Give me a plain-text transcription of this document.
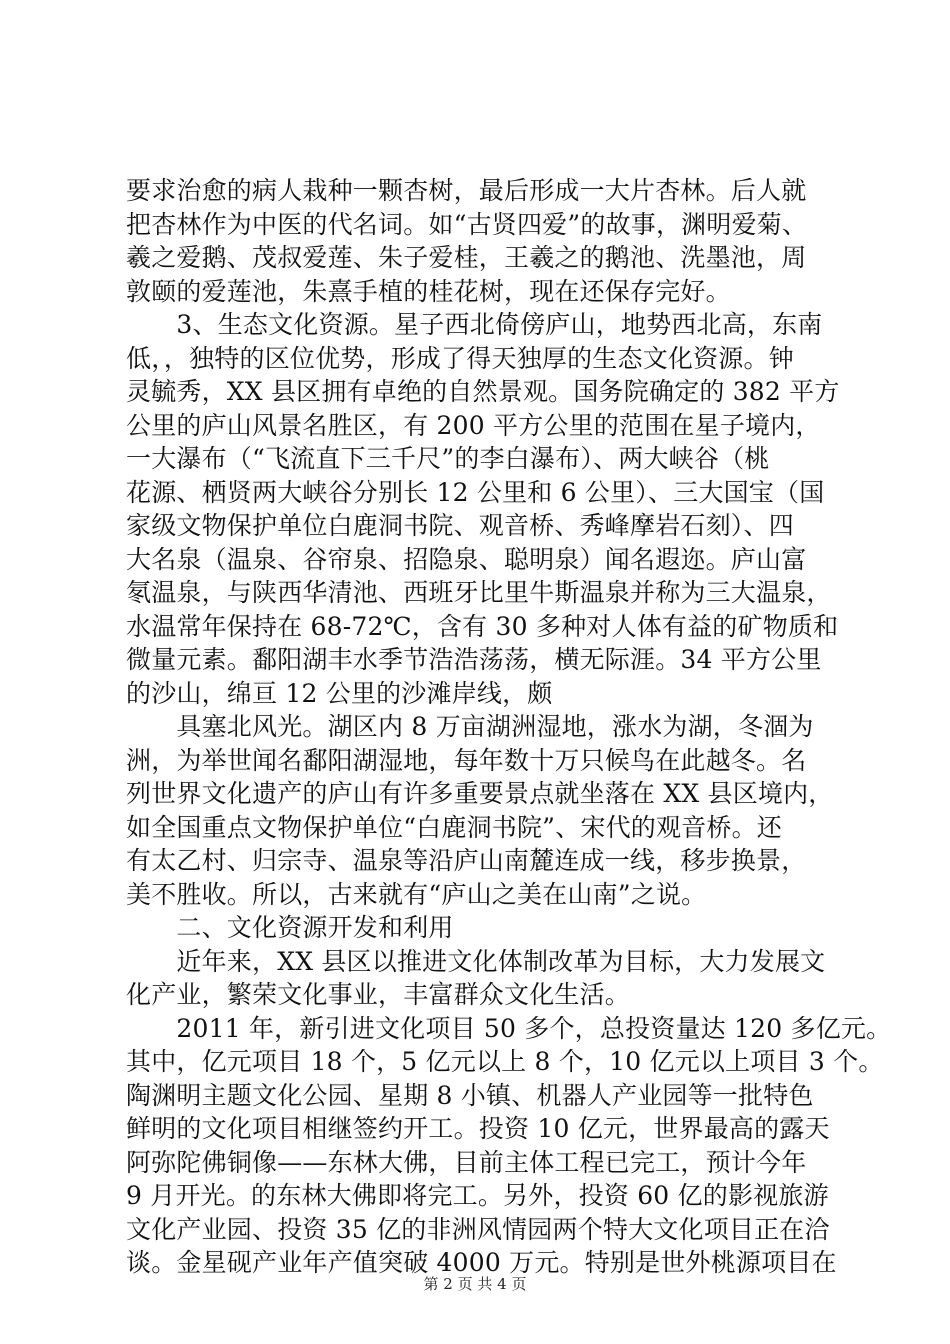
要求治愈的病人栽种一颗杏树，最后形成一大片杏林。后人就
把杏林作为中医的代名词。如“古贤四爱”的故事，渊明爱菊、
羲之爱鹅、茂叔爱莲、朱子爱桂，王羲之的鹅池、洗墨池，周
敦颐的爱莲池，朱熹手植的桂花树，现在还保存完好。
　　3、生态文化资源。星子西北倚傍庐山，地势西北高，东南
低，，独特的区位优势，形成了得天独厚的生态文化资源。钟
灵毓秀，XX 县区拥有卓绝的自然景观。国务院确定的 382 平方
公里的庐山风景名胜区，有 200 平方公里的范围在星子境内，
一大瀑布（“飞流直下三千尺”的李白瀑布）、两大峡谷（桃
花源、栖贤两大峡谷分别长 12 公里和 6 公里）、三大国宝（国
家级文物保护单位白鹿洞书院、观音桥、秀峰摩岩石刻）、四
大名泉（温泉、谷帘泉、招隐泉、聪明泉）闻名遐迩。庐山富
氡温泉，与陕西华清池、西班牙比里牛斯温泉并称为三大温泉，
水温常年保持在 68-72℃，含有 30 多种对人体有益的矿物质和
微量元素。鄱阳湖丰水季节浩浩荡荡，横无际涯。34 平方公里
的沙山，绵亘 12 公里的沙滩岸线，颇
　　具塞北风光。湖区内 8 万亩湖洲湿地，涨水为湖，冬涸为
洲，为举世闻名鄱阳湖湿地，每年数十万只候鸟在此越冬。名
列世界文化遗产的庐山有许多重要景点就坐落在 XX 县区境内，
如全国重点文物保护单位“白鹿洞书院”、宋代的观音桥。还
有太乙村、归宗寺、温泉等沿庐山南麓连成一线，移步换景，
美不胜收。所以，古来就有“庐山之美在山南”之说。
　　二、文化资源开发和利用
　　近年来，XX 县区以推进文化体制改革为目标，大力发展文
化产业，繁荣文化事业，丰富群众文化生活。
　　2011 年，新引进文化项目 50 多个，总投资量达 120 多亿元。
其中，亿元项目 18 个，5 亿元以上 8 个，10 亿元以上项目 3 个。
陶渊明主题文化公园、星期 8 小镇、机器人产业园等一批特色
鲜明的文化项目相继签约开工。投资 10 亿元，世界最高的露天
阿弥陀佛铜像——东林大佛，目前主体工程已完工，预计今年
9 月开光。的东林大佛即将完工。另外，投资 60 亿的影视旅游
文化产业园、投资 35 亿的非洲风情园两个特大文化项目正在洽
谈。金星砚产业年产值突破 4000 万元。特别是世外桃源项目在
第 2 页 共 4 页
